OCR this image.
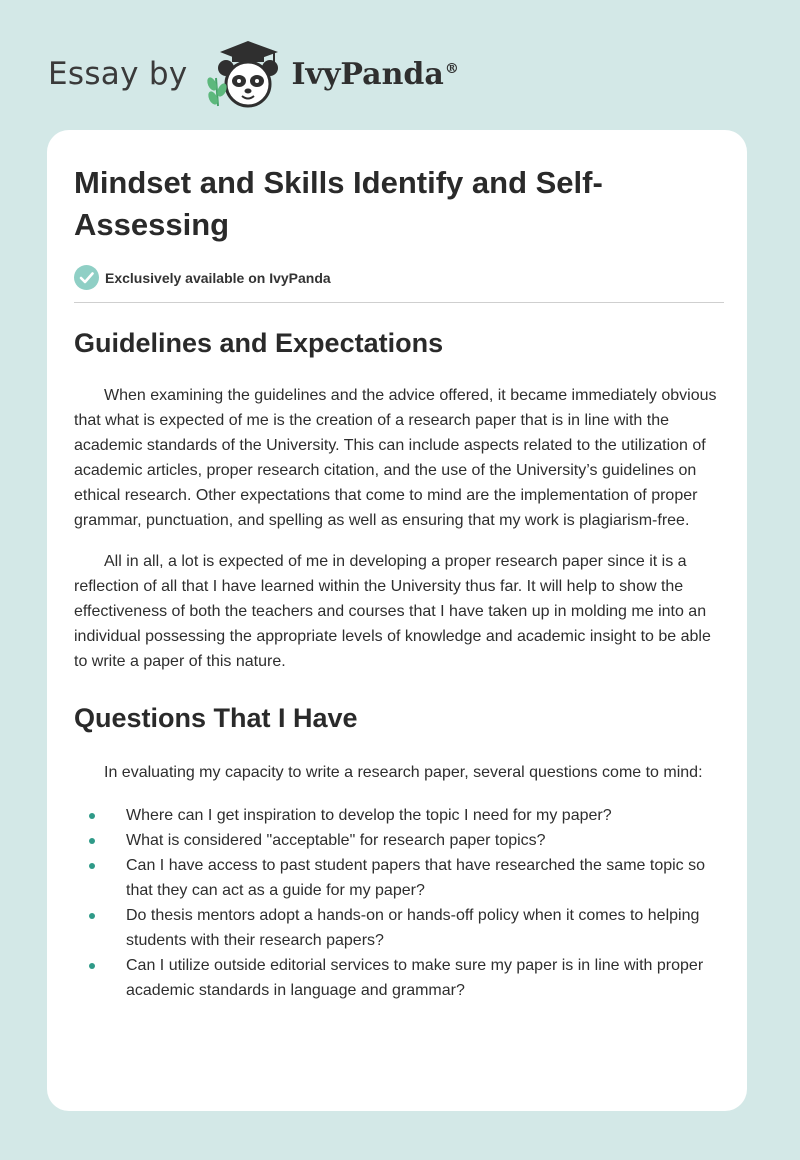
Essay by	IvyPanda®
Mindset and Skills Identify and Self-Assessing
Exclusively available on IvyPanda
Guidelines and Expectations

When examining the guidelines and the advice offered, it became immediately obvious that what is expected of me is the creation of a research paper that is in line with the academic standards of the University. This can include aspects related to the utilization of academic articles, proper research citation, and the use of the University’s guidelines on ethical research. Other expectations that come to mind are the implementation of proper grammar, punctuation, and spelling as well as ensuring that my work is plagiarism-free.

All in all, a lot is expected of me in developing a proper research paper since it is a reflection of all that I have learned within the University thus far. It will help to show the effectiveness of both the teachers and courses that I have taken up in molding me into an individual possessing the appropriate levels of knowledge and academic insight to be able to write a paper of this nature.

Questions That I Have

In evaluating my capacity to write a research paper, several questions come to mind:

Where can I get inspiration to develop the topic I need for my paper?
What is considered "acceptable" for research paper topics?
Can I have access to past student papers that have researched the same topic so that they can act as a guide for my paper?
Do thesis mentors adopt a hands-on or hands-off policy when it comes to helping students with their research papers?
Can I utilize outside editorial services to make sure my paper is in line with proper academic standards in language and grammar?
